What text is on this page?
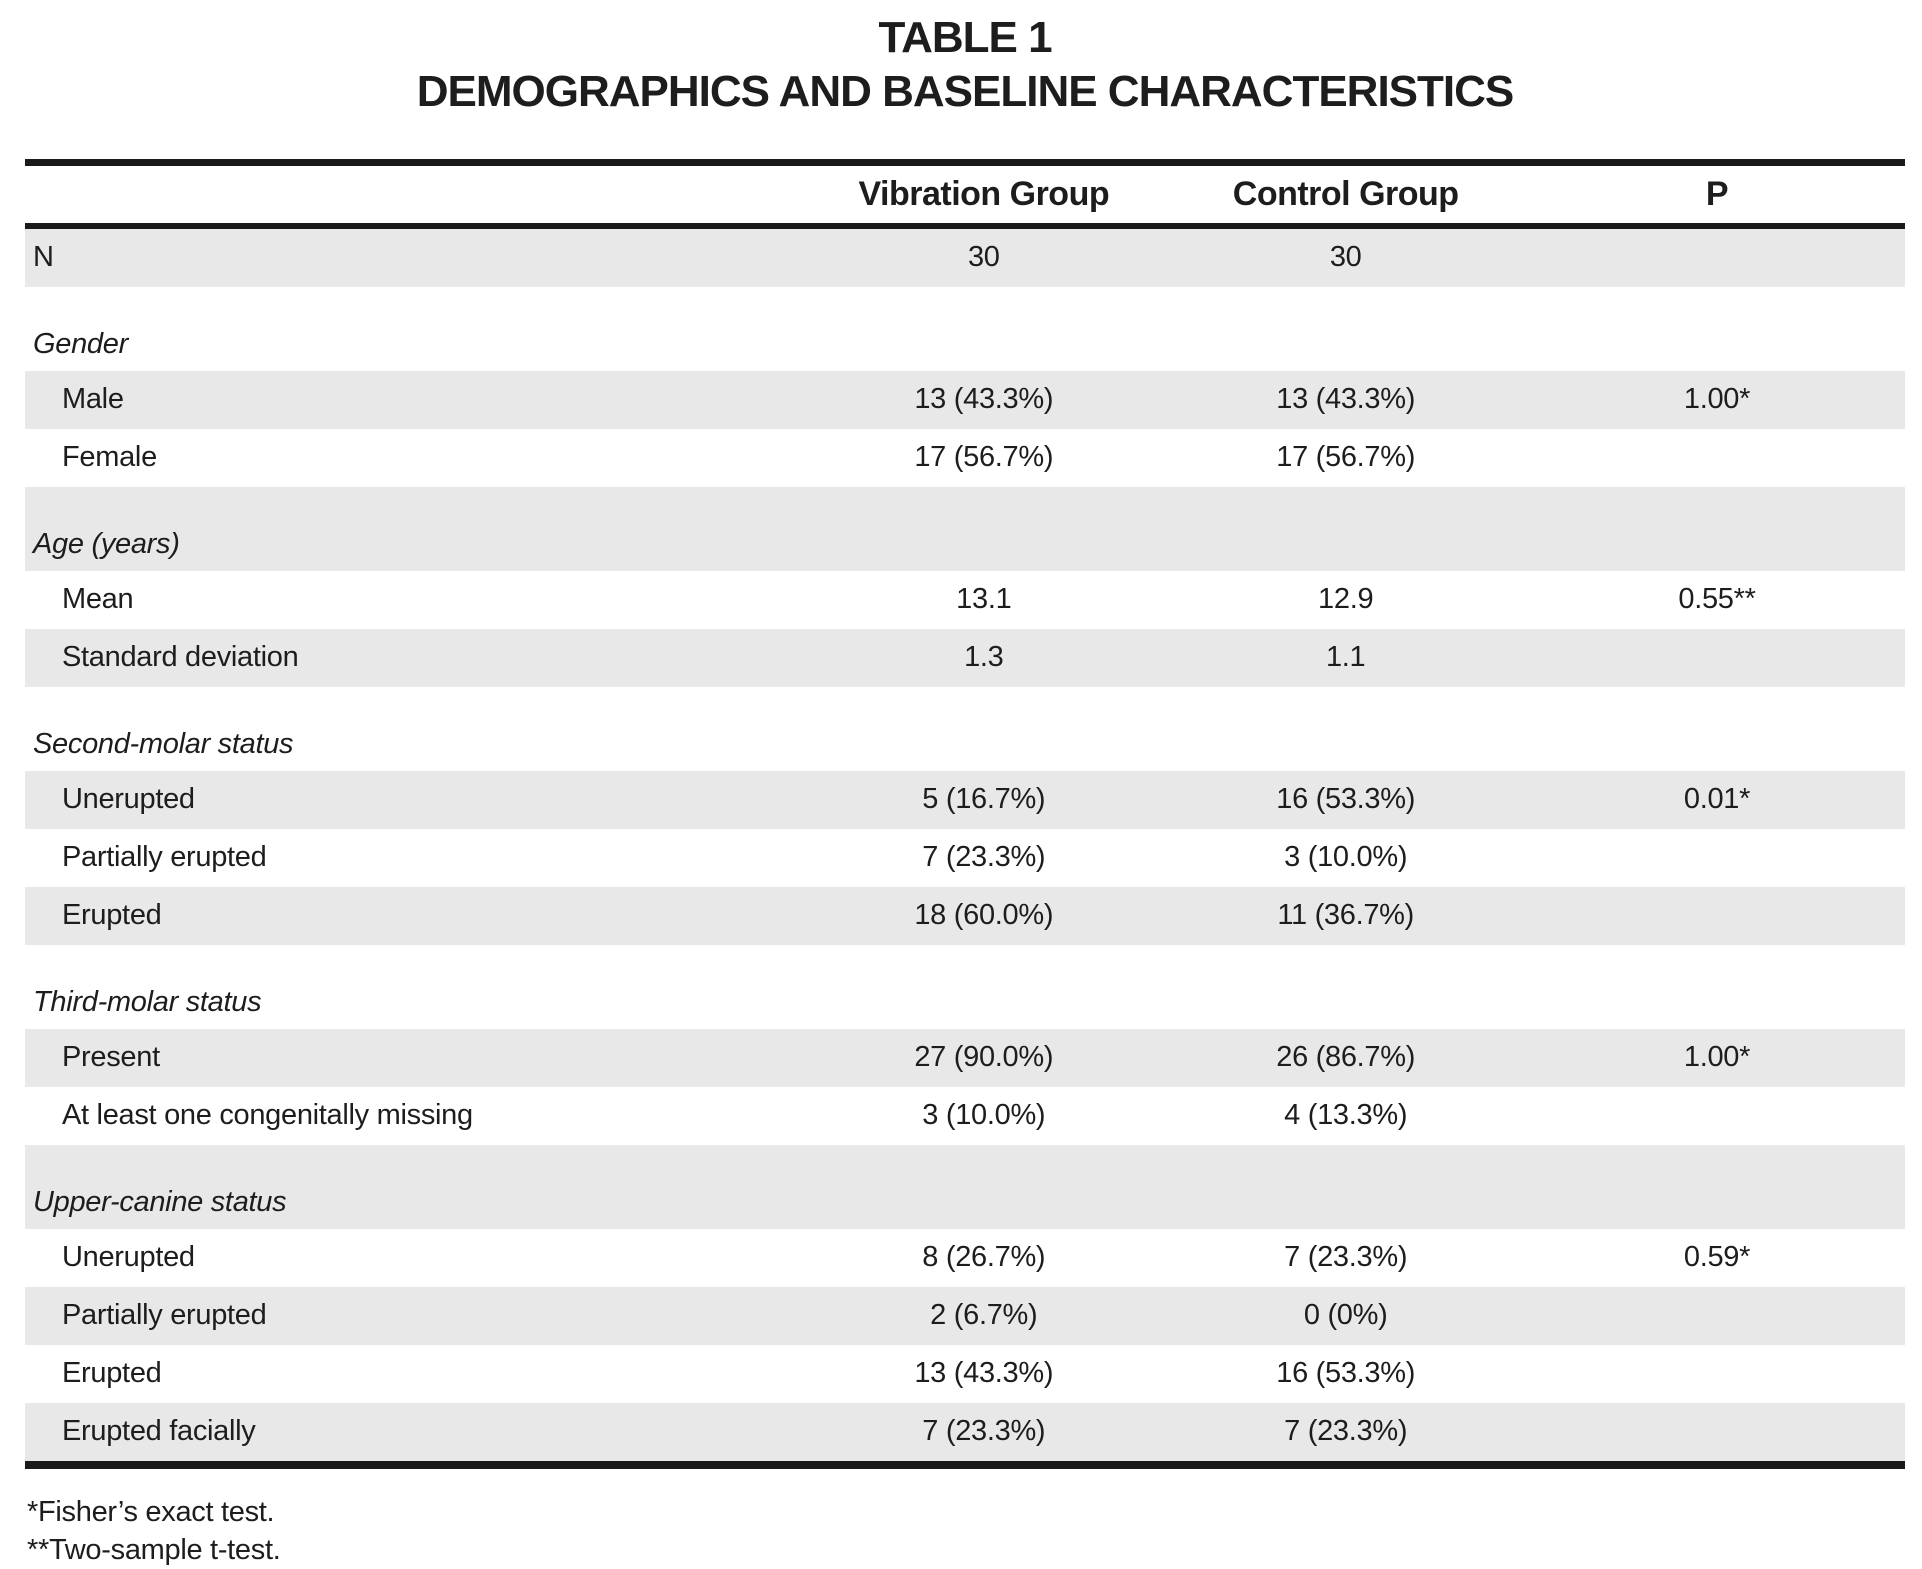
TABLE 1
DEMOGRAPHICS AND BASELINE CHARACTERISTICS
	Vibration Group	Control Group	P
N	30	30	
Gender			
Male	13 (43.3%)	13 (43.3%)	1.00*
Female	17 (56.7%)	17 (56.7%)	
Age (years)			
Mean	13.1	12.9	0.55**
Standard deviation	1.3	1.1	
Second-molar status			
Unerupted	5 (16.7%)	16 (53.3%)	0.01*
Partially erupted	7 (23.3%)	3 (10.0%)	
Erupted	18 (60.0%)	11 (36.7%)	
Third-molar status			
Present	27 (90.0%)	26 (86.7%)	1.00*
At least one congenitally missing	3 (10.0%)	4 (13.3%)	
Upper-canine status			
Unerupted	8 (26.7%)	7 (23.3%)	0.59*
Partially erupted	2 (6.7%)	0 (0%)	
Erupted	13 (43.3%)	16 (53.3%)	
Erupted facially	7 (23.3%)	7 (23.3%)	
*Fisher’s exact test.
**Two-sample t-test.
